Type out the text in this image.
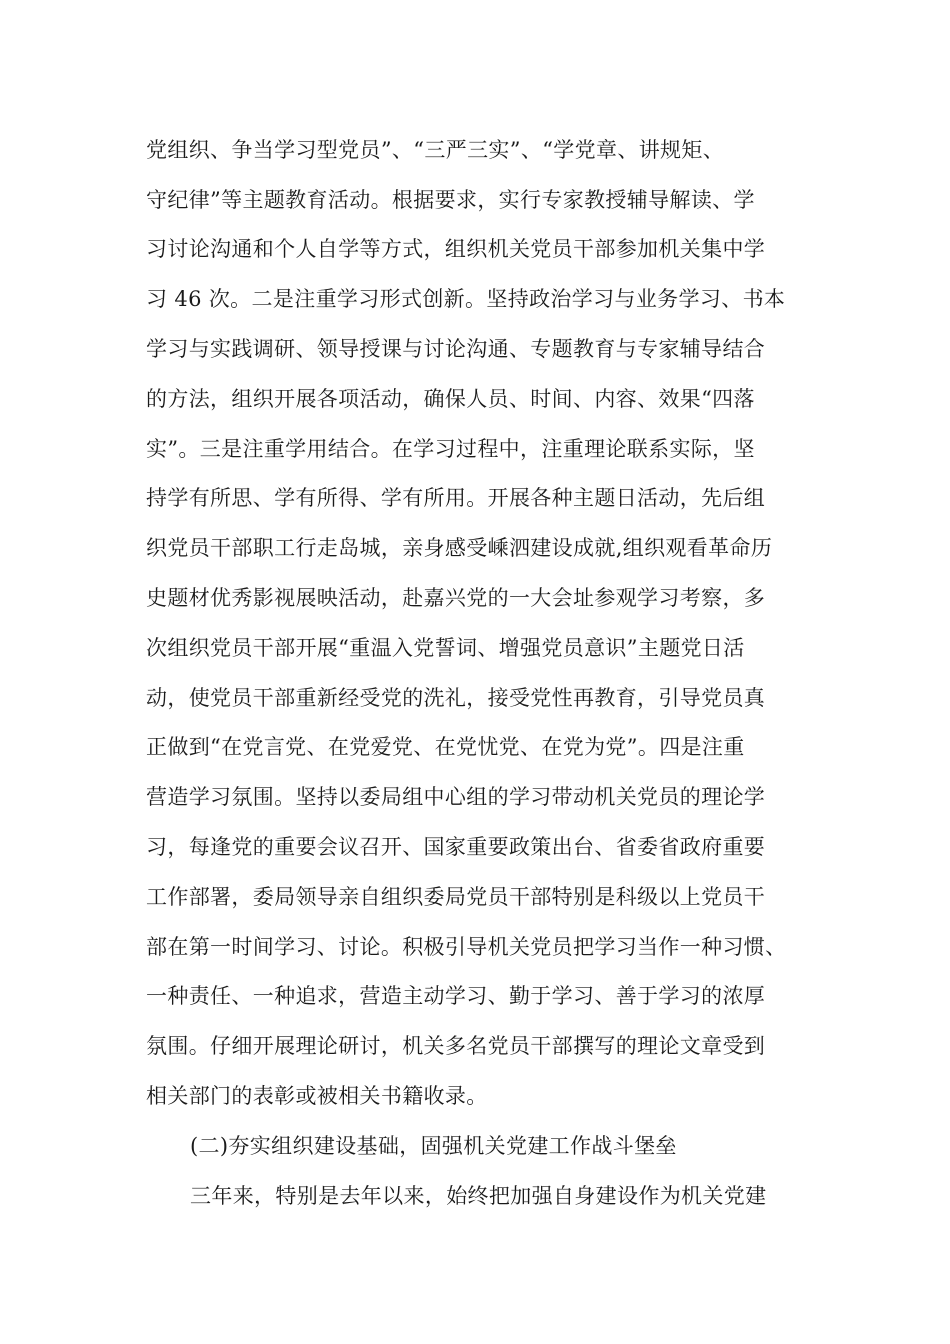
党组织、争当学习型党员”、“三严三实”、“学党章、讲规矩、
守纪律”等主题教育活动。根据要求，实行专家教授辅导解读、学
习讨论沟通和个人自学等方式，组织机关党员干部参加机关集中学
习 46 次。二是注重学习形式创新。坚持政治学习与业务学习、书本
学习与实践调研、领导授课与讨论沟通、专题教育与专家辅导结合
的方法，组织开展各项活动，确保人员、时间、内容、效果“四落
实”。三是注重学用结合。在学习过程中，注重理论联系实际，坚
持学有所思、学有所得、学有所用。开展各种主题日活动，先后组
织党员干部职工行走岛城，亲身感受嵊泗建设成就,组织观看革命历
史题材优秀影视展映活动，赴嘉兴党的一大会址参观学习考察，多
次组织党员干部开展“重温入党誓词、增强党员意识”主题党日活
动，使党员干部重新经受党的洗礼，接受党性再教育，引导党员真
正做到“在党言党、在党爱党、在党忧党、在党为党”。四是注重
营造学习氛围。坚持以委局组中心组的学习带动机关党员的理论学
习，每逢党的重要会议召开、国家重要政策出台、省委省政府重要
工作部署，委局领导亲自组织委局党员干部特别是科级以上党员干
部在第一时间学习、讨论。积极引导机关党员把学习当作一种习惯、
一种责任、一种追求，营造主动学习、勤于学习、善于学习的浓厚
氛围。仔细开展理论研讨，机关多名党员干部撰写的理论文章受到
相关部门的表彰或被相关书籍收录。
(二)夯实组织建设基础，固强机关党建工作战斗堡垒
三年来，特别是去年以来，始终把加强自身建设作为机关党建
